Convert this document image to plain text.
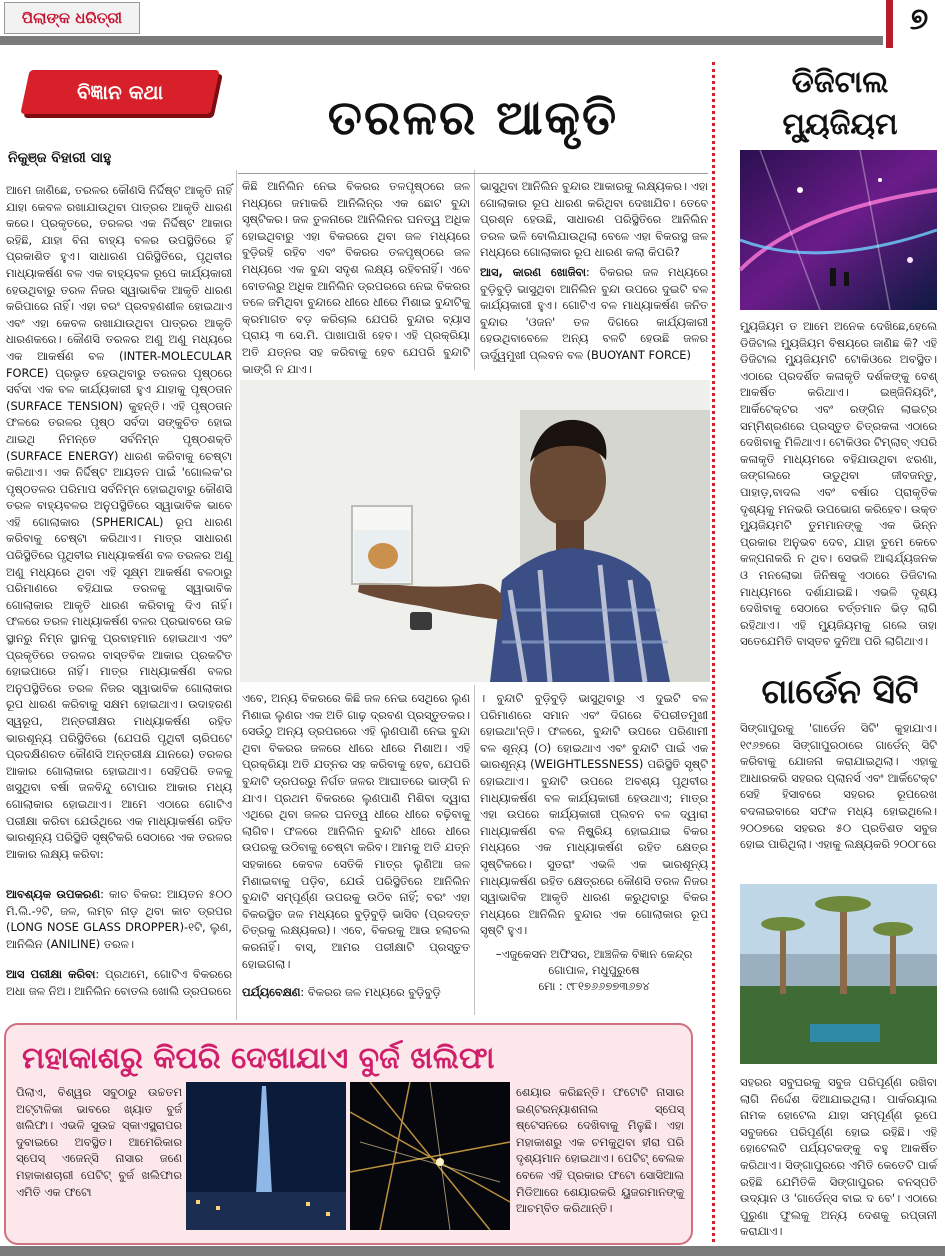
ପିଲାଙ୍କ ଧରିତ୍ରୀ	୭
ବିଜ୍ଞାନ କଥା	ତରଳର ଆକୃତି
ନିକୁଞ୍ଜ ବିହାରୀ ସାହୁ
ଆମେ ଜାଣିଛେ, ତରଳର କୌଣସି ନିର୍ଦ୍ଦିଷ୍ଟ ଆକୃତି ନାହିଁ ଯାହା କେବଳ ରଖାଯାଉଥିବା ପାତ୍ରର ଆକୃତି ଧାରଣ କରେ। ପ୍ରକୃତରେ, ତରଳର ଏକ ନିର୍ଦ୍ଦିଷ୍ଟ ଆକାର ରହିଛି, ଯାହା ବିନା ବାହ୍ୟ ବଳର ଉପସ୍ଥିତିରେ ହିଁ ପ୍ରକାଶିତ ହୁଏ। ସାଧାରଣ ପରିସ୍ଥିତିରେ, ପୃଥିବୀର ମାଧ୍ୟାକର୍ଷଣ ବଳ ଏକ ବାହ୍ୟବଳ ରୂପେ କାର୍ଯ୍ୟକାରୀ ହେଉଥିବାରୁ ତରଳ ନିଜର ସ୍ୱାଭାବିକ ଆକୃତି ଧାରଣ କରିପାରେ ନାହିଁ। ଏହା ବରଂ ପ୍ରବହଣଶୀଳ ହୋଇଥାଏ ଏବଂ ଏହା କେବଳ ରଖାଯାଉଥିବା ପାତ୍ରର ଆକୃତି ଧାରଣକରେ। କୌଣସି ତରଳର ଅଣୁ ଅଣୁ ମଧ୍ୟରେ ଏକ ଆକର୍ଷଣ ବଳ (INTER-MOLECULAR FORCE) ପ୍ରଭୃତ ହେଉଥିବାରୁ ତରଳର ପୃଷ୍ଠରେ ସର୍ବଦା ଏକ ବଳ କାର୍ଯ୍ୟକାରୀ ହୁଏ ଯାହାକୁ ପୃଷ୍ଠତାନ (SURFACE TENSION) କୁହନ୍ତି। ଏହି ପୃଷ୍ଠତାନ ଫଳରେ ତରଳର ପୃଷ୍ଠ ସର୍ବଦା ସଙ୍କୁଚିତ ହୋଇ ଥାଇଥି ନିମନ୍ତେ ସର୍ବନିମ୍ନ ପୃଷ୍ଠଶକ୍ତି (SURFACE ENERGY) ଧାରଣ କରିବାକୁ ଚେଷ୍ଟା କରିଥାଏ। ଏକ ନିର୍ଦ୍ଦିଷ୍ଟ ଆୟତନ ପାଇଁ 'ଗୋଲକ'ର ପୃଷ୍ଠତଳର ପରିମାପ ସର୍ବନିମ୍ନ ହୋଇଥିବାରୁ କୌଣସି ତରଳ ବାହ୍ୟବଳର ଅନୁପସ୍ଥିତିରେ ସ୍ୱାଭାବିକ ଭାବେ ଏହି ଗୋଲାକାର (SPHERICAL) ରୂପ ଧାରଣ କରିବାକୁ ଚେଷ୍ଟା କରିଥାଏ। ମାତ୍ର ସାଧାରଣ ପରିସ୍ଥିତିରେ ପୃଥିବୀର ମାଧ୍ୟାକର୍ଷଣ ବଳ ତରଳର ଅଣୁ ଅଣୁ ମଧ୍ୟରେ ଥିବା ଏହି ସୂକ୍ଷ୍ମ ଆକର୍ଷଣ ବଳଠାରୁ ପରିମାଣରେ ବହିଯାଇ ତରଳକୁ ସ୍ୱାଭାବିକ ଗୋଲାକାର ଆକୃତି ଧାରଣ କରିବାକୁ ଦିଏ ନାହିଁ। ଫଳରେ ତରଳ ମାଧ୍ୟାକର୍ଷଣ ବଳର ପ୍ରଭାବରେ ଉଚ୍ଚ ସ୍ଥାନରୁ ନିମ୍ନ ସ୍ଥାନକୁ ପ୍ରବାହମାନ ହୋଇଥାଏ ଏବଂ ପ୍ରକୃତିରେ ତରଳର ବାସ୍ତବିକ ଆକାର ପ୍ରକଟିତ ହୋଇପାରେ ନାହିଁ। ମାତ୍ର ମାଧ୍ୟାକର୍ଷଣ ବଳର ଅନୁପସ୍ଥିତିରେ ତରଳ ନିଜର ସ୍ୱାଭାବିକ ଗୋଲାକାର ରୂପ ଧାରଣ କରିବାକୁ ସକ୍ଷମ ହୋଇଥାଏ। ଉଦାହରଣ ସ୍ୱରୂପ, ଅନ୍ତରୀକ୍ଷର ମାଧ୍ୟାକର୍ଷଣ ରହିତ ଭାରଶୂନ୍ୟ ପରିସ୍ଥିତିରେ (ଯେପରି ପୃଥିବୀ ଚାରିପଟେ ପ୍ରଦକ୍ଷିଣରତ କୌଣସି ଅନ୍ତରୀକ୍ଷ ଯାନରେ) ତରଳର ଆକାର ଗୋଲାକାର ହୋଇଥାଏ। ସେହିପରି ତଳକୁ ଖସୁଥିବା ବର୍ଷା ଜଳବିନ୍ଦୁ ଟୋପାର ଆକାର ମଧ୍ୟ ଗୋଲାକାର ହୋଇଥାଏ। ଆମେ ଏଠାରେ ଗୋଟିଏ ପରୀକ୍ଷା କରିବା ଯେଉଁଥିରେ ଏକ ମାଧ୍ୟାକର୍ଷଣ ରହିତ ଭାରଶୂନ୍ୟ ପରିସ୍ଥିତି ସୃଷ୍ଟିକରି ସେଠାରେ ଏକ ତରଳର ଆକାର ଲକ୍ଷ୍ୟ କରିବା:
ଆବଶ୍ୟକ ଉପକରଣ: କାଚ ବିକର: ଆୟତନ ୫୦୦ ମି.ଲି.-୨ଟି, ଜଳ, ଲମ୍ବ ନାଡ଼ ଥିବା କାଚ ଡ୍ରପର (LONG NOSE GLASS DROPPER)-୧ଟି, ଲୁଣ, ଆନିଲିନ (ANILINE) ତରଳ।
ଆସ ପରୀକ୍ଷା କରିବା: ପ୍ରଥମେ, ଗୋଟିଏ ବିକରରେ ଅଧା ଜଳ ନିଅ। ଆନିଲିନ ବୋତଲ ଖୋଲି ଡ୍ରପରରେ
କିଛି ଆନିଲିନ ନେଇ ବିକରର ତଳପୃଷ୍ଠରେ ଜଳ ମଧ୍ୟରେ ଜମାକରି ଆନିଲିନ୍‌ର ଏକ ଛୋଟ ବୁନ୍ଦା ସୃଷ୍ଟିକର। ଜଳ ତୁଳନାରେ ଆନିଲିନର ଘନତ୍ୱ ଅଧିକ ହୋଇଥିବାରୁ ଏହା ବିକରରେ ଥିବା ଜଳ ମଧ୍ୟରେ ବୁଡ଼ିରହି ରହିବ ଏବଂ ବିକରର ତଳପୃଷ୍ଠରେ ଜଳ ମଧ୍ୟରେ ଏକ ବୁନ୍ଦା ସଦୃଶ ଲକ୍ଷ୍ୟ ରହିବନାହିଁ। ଏବେ ବୋତଲରୁ ଅଧିକ ଆନିଲିନ ଡ୍ରପରରେ ନେଇ ବିକରର ତଳେ ଜମିଥିବା ବୁନ୍ଦାରେ ଧୀରେ ଧୀରେ ମିଶାଇ ବୁନ୍ଦାଟିକୁ କ୍ରମାଗତ ବଡ଼ କରିଚାଲ ଯେପରି ବୁନ୍ଦାର ବ୍ୟାସ ପ୍ରାୟ ୩ ସେ.ମି. ପାଖାପାଖି ହେବ। ଏହି ପ୍ରକ୍ରିୟା ଅତି ଯତ୍ନର ସହ କରିବାକୁ ହେବ ଯେପରି ବୁନ୍ଦାଟି ଭାଙ୍ଗି ନ ଯାଏ।
ଭାସୁଥିବା ଆନିଲିନ ବୁନ୍ଦାର ଆକାରକୁ ଲକ୍ଷ୍ୟକର। ଏହା ଗୋଲାକାର ରୂପ ଧାରଣ କରିଥିବା ଦେଖାଯିବ। ତେବେ ପ୍ରଶ୍ନ ହେଉଛି, ସାଧାରଣ ପରିସ୍ଥିତିରେ ଆନିଲିନ ତରଳ ଭଳି ବୋଲିଯାଉଥିଲା ବେଳେ ଏହା ବିକରସ୍ଥ ଜଳ ମଧ୍ୟରେ ଗୋଲାକାର ରୂପ ଧାରଣ କଲା କିପରି?
ଆସ, କାରଣ ଖୋଜିବା: ବିକରର ଜଳ ମଧ୍ୟରେ ବୁଡ଼ିବୁଡ଼ି ଭାସୁଥିବା ଆନିଲିନ ବୁନ୍ଦା ଉପରେ ଦୁଇଟି ବଳ କାର୍ଯ୍ୟକାରୀ ହୁଏ। ଗୋଟିଏ ବଳ ମାଧ୍ୟାକର୍ଷଣ ଜନିତ ବୁନ୍ଦାର 'ଓଜନ' ତଳ ଦିଗରେ କାର୍ଯ୍ୟକାରୀ ହେଉଥିବାବେଳେ ଅନ୍ୟ ବଳଟି ହେଉଛି ଜଳର ଊର୍ଦ୍ଧ୍ୱମୁଖୀ ପ୍ଲବନ ବଳ (BUOYANT FORCE)
ଏବେ, ଅନ୍ୟ ବିକରରେ କିଛି ଜଳ ନେଇ ସେଥିରେ ଲୁଣ ମିଶାଇ ଲୁଣର ଏକ ଅତି ଗାଢ଼ ଦ୍ରବଣ ପ୍ରସ୍ତୁତକର। ସେଉଁଠୁ ଅନ୍ୟ ଡ୍ରପରରେ ଏହି ଲୁଣପାଣି ନେଇ ବୁନ୍ଦା ଥିବା ବିକରର ଜଳରେ ଧୀରେ ଧୀରେ ମିଶାଅ। ଏହି ପ୍ରକ୍ରିୟା ଅତି ଯତ୍ନର ସହ କରିବାକୁ ହେବ, ଯେପରି ବୁନ୍ଦାଟି ଡ୍ରପରରୁ ନିର୍ଗତ ଜଳର ଆଘାତରେ ଭାଙ୍ଗି ନ ଯାଏ। ପ୍ରଥମ ବିକରରେ ଲୁଣପାଣି ମିଶିବା ଦ୍ୱାରା ଏଥିରେ ଥିବା ଜଳର ଘନତ୍ୱ ଧୀରେ ଧୀରେ ବଢ଼ିବାକୁ ଲାଗିବ। ଫଳରେ ଆନିଲିନ ବୁନ୍ଦାଟି ଧୀରେ ଧୀରେ ଉପରକୁ ଉଠିବାକୁ ଚେଷ୍ଟା କରିବ। ଆମକୁ ଅତି ଯତ୍ନ ସହକାରେ କେବଳ ସେତିକି ମାତ୍ର ଲୁଣିଆ ଜଳ ମିଶାଇବାକୁ ପଡ଼ିବ, ଯେଉଁ ପରିସ୍ଥିତିରେ ଆନିଲିନ ବୁନ୍ଦାଟି ସମ୍ପୂର୍ଣ୍ଣ ଉପରକୁ ଉଠିବ ନାହିଁ; ବରଂ ଏହା ବିକରସ୍ଥିତ ଜଳ ମଧ୍ୟରେ ବୁଡ଼ିବୁଡ଼ି ଭାସିବ (ପ୍ରଦତ୍ତ ଚିତ୍ରକୁ ଲକ୍ଷ୍ୟକର)। ଏବେ, ବିକରକୁ ଆଉ ହଲାଚଲ କରନାହିଁ। ବାସ୍, ଆମର ପରୀକ୍ଷାଟି ପ୍ରସ୍ତୁତ ହୋଇଗଲା।
ପର୍ଯ୍ୟବେକ୍ଷଣ: ବିକରର ଜଳ ମଧ୍ୟରେ ବୁଡ଼ିବୁଡ଼ି
। ବୁନ୍ଦାଟି ବୁଡ଼ିବୁଡ଼ି ଭାସୁଥିବାରୁ ଏ ଦୁଇଟି ବଳ ପରିମାଣରେ ସମାନ ଏବଂ ଦିଗରେ ବିପରୀତମୁଖୀ ହୋଇଥା'ନ୍ତି। ଫଳରେ, ବୁନ୍ଦାଟି ଉପରେ ପରିଣାମୀ ବଳ ଶୂନ୍ୟ (୦) ହୋଇଥାଏ ଏବଂ ବୁନ୍ଦାଟି ପାଇଁ ଏକ ଭାରଶୂନ୍ୟ (WEIGHTLESSNESS) ପରିସ୍ଥିତି ସୃଷ୍ଟି ହୋଇଥାଏ। ବୁନ୍ଦାଟି ଉପରେ ଅବଶ୍ୟ ପୃଥିବୀର ମାଧ୍ୟାକର୍ଷଣ ବଳ କାର୍ଯ୍ୟକାରୀ ହେଉଥାଏ; ମାତ୍ର ଏହା ଉପରେ କାର୍ଯ୍ୟକାରୀ ପ୍ଲବନ ବଳ ଦ୍ୱାରା ମାଧ୍ୟାକର୍ଷଣ ବଳ ନିଷ୍କ୍ରିୟ ହୋଇଯାଇ ବିକର ମଧ୍ୟରେ ଏକ ମାଧ୍ୟାକର୍ଷଣ ରହିତ କ୍ଷେତ୍ର ସୃଷ୍ଟିକରେ। ସୁତରାଂ ଏଭଳି ଏକ ଭାରଶୂନ୍ୟ ମାଧ୍ୟାକର୍ଷଣ ରହିତ କ୍ଷେତ୍ରରେ କୌଣସି ତରଳ ନିଜର ସ୍ୱାଭାବିକ ଆକୃତି ଧାରଣ କରୁଥିବାରୁ ବିକର ମଧ୍ୟରେ ଆନିଲିନ ବୁନ୍ଦାର ଏକ ଗୋଲାକାର ରୂପ ସୃଷ୍ଟି ହୁଏ।
–ଏଜୁକେସନ ଅଫିସର, ଆଞ୍ଚଳିକ ବିଜ୍ଞାନ କେନ୍ଦ୍ର
ଗୋପାଳ, ମଧୁପୁରୁଷେ
ମୋ : ୯୮୧୭୬୬୭୭୩୬୭୪
ଡିଜିଟାଲ ମ୍ୟୁଜିୟମ
ମ୍ୟୁଜିୟମ ତ ଆମେ ଅନେକ ଦେଖିଛେ,ହେଲେ ଡିଜିଟାଲ ମ୍ୟୁଜିୟମ ବିଷୟରେ ଜାଣିଛ କି? ଏହି ଡିଜିଟାଲ ମ୍ୟୁଜିୟମଟି ଟୋକିଓରେ ଅବସ୍ଥିତ। ଏଠାରେ ପ୍ରଦର୍ଶିତ କଳାକୃତି ଦର୍ଶକଙ୍କୁ ବେଶ୍ ଆକର୍ଷିତ କରିଥାଏ। ଇଞ୍ଜିନିୟରିଂ, ଆର୍କିଟେକ୍ଟର ଏବଂ ରଙ୍ଗିନ ଲାଇଟ୍‌ର ସମ୍ମିଶ୍ରଣରେ ପ୍ରସ୍ତୁତ ଚିତ୍ରକଳା ଏଠାରେ ଦେଖିବାକୁ ମିଳିଥାଏ। ଟୋକିଓର ଟିମ୍‌ଲାବ୍ ଏପରି କଳାକୃତି ମାଧ୍ୟମରେ ବହିଯାଉଥିବା ଝରଣା, ଜଙ୍ଗଲରେ ଉଡୁଥିବା ଜୀବଜନ୍ତୁ, ପାହାଡ଼,ବାଦଲ ଏବଂ ବର୍ଷାର ପ୍ରାକୃତିକ ଦୃଶ୍ୟକୁ ମନଭରି ଉପଭୋଗ କରିହେବ। ଉକ୍ତ ମ୍ୟୁଜିୟମଟି ତୁମମାନଙ୍କୁ ଏକ ଭିନ୍ନ ପ୍ରକାର ଅନୁଭବ ଦେବ, ଯାହା ତୁମେ କେବେ କଳ୍ପନାକରି ନ ଥିବ। ସେଭଳି ଆଶ୍ଚର୍ଯ୍ୟଜନକ ଓ ମନଲୋଭା ଜିନିଷକୁ ଏଠାରେ ଡିଜିଟାଲ ମାଧ୍ୟମରେ ଦର୍ଶାଯାଇଛି। ଏଭଳି ଦୃଶ୍ୟ ଦେଖିବାକୁ ସେଠାରେ ବର୍ତ୍ତମାନ ଭିଡ଼ ଲାଗି ରହିଥାଏ। ଏହି ମ୍ୟୁଜିୟମକୁ ଗଲେ ତାହା ସତେଯେମିତି ବାସ୍ତବ ଦୁନିଆ ପରି ଲାଗିଥାଏ।
ଗାର୍ଡେନ ସିଟି
ସିଙ୍ଗାପୁରକୁ 'ଗାର୍ଡେନ ସିଟି' କୁହାଯାଏ। ୧୯୬୭ରେ ସିଙ୍ଗାପୁରଠାରେ ଗାର୍ଡେନ୍ ସିଟି କରିବାକୁ ଯୋଜନା କରାଯାଇଥିଲା। ଏହାକୁ ଆଧାରକରି ସହରର ପ୍ଲାନର୍ସ ଏବଂ ଆର୍କିଟେକ୍ଟ ସେହି ହିସାବରେ ସହରର ରୂପରେଖ ବଦଳାଇବାରେ ସଫଳ ମଧ୍ୟ ହୋଇଥିଲେ। ୨୦୦୭ରେ ସହରର ୫୦ ପ୍ରତିଶତ ସବୁଜ ହୋଇ ପାରିଥିଲା। ଏହାକୁ ଲକ୍ଷ୍ୟକରି ୨୦୦୮ରେ
ସହରର ସବୁଘରକୁ ସବୁଜ ପରିପୂର୍ଣ୍ଣ ରଖିବା ଲାଗି ନିର୍ଦ୍ଦେଶ ଦିଆଯାଇଥିଲା। ପାର୍କରୟାଲ ନାମକ ହୋଟେଲ ଯାହା ସମ୍ପୂର୍ଣ୍ଣ ରୂପେ ସବୁଜରେ ପରିପୂର୍ଣ୍ଣ ହୋଇ ରହିଛି। ଏହି ହୋଟେଲଟି ପର୍ଯ୍ୟଟକଙ୍କୁ ବହୁ ଆକର୍ଷିତ କରିଥାଏ। ସିଙ୍ଗାପୁରରେ ଏମିତି କେତେଟି ପାର୍କ ରହିଛି ଯେମିତିକି ସିଙ୍ଗାପୁରର ବନସ୍ପତି ଉଦ୍ୟାନ ଓ 'ଗାର୍ଡେନ୍ସ ବାଇ ଦ ବେ'। ଏଠାରେ ପୁରୁଣା ଫୁଲକୁ ଅନ୍ୟ ଦେଶକୁ ରପ୍ତାନୀ କରାଯାଏ।
ମହାକାଶରୁ କିପରି ଦେଖାଯାଏ ବୁର୍ଜ ଖଲିଫା
ପିଲାଏ, ବିଶ୍ୱର ସବୁଠାରୁ ଉଚ୍ଚତମ ଅଟ୍ଟାଳିକା ଭାବରେ ଖ୍ୟାତ ବୁର୍ଜ ଖଲିଫା। ଏଭଳି ସୁଉଚ୍ଚ ସ୍କାଏସ୍କ୍ରାପର ଦୁବାଇରେ ଅବସ୍ଥିତ। ଆମେରିକାର ସ୍ପେସ୍ ଏଜେନ୍ସି ନାସାର ଜଣେ ମହାକାଶଚାରୀ ପେଟିଟ୍ ବୁର୍ଜ ଖଲିଫାର ଏମିତି ଏକ ଫଟୋ
ଶେୟାର କରିଛନ୍ତି। ଫଟୋଟି ନାସାର ଇଣ୍ଟରନ୍ୟାଶନାଲ ସ୍ପେସ୍ ଷ୍ଟେସନରେ ଦେଖିବାକୁ ମିଳୁଛି। ଏହା ମହାକାଶରୁ ଏକ ଚମକୁଥିବା ହୀରା ପରି ଦୃଶ୍ୟମାନ ହୋଇଥାଏ। ପେଟିଟ୍ ବେଲକ ବେଳେ ଏହି ପ୍ରକାର ଫଟୋ ସୋସିଆଲ ମିଡିଆରେ ଶେୟାରକରି ୟୁଜରମାନଙ୍କୁ ଆଚମ୍ବିତ କରିଥାନ୍ତି।
